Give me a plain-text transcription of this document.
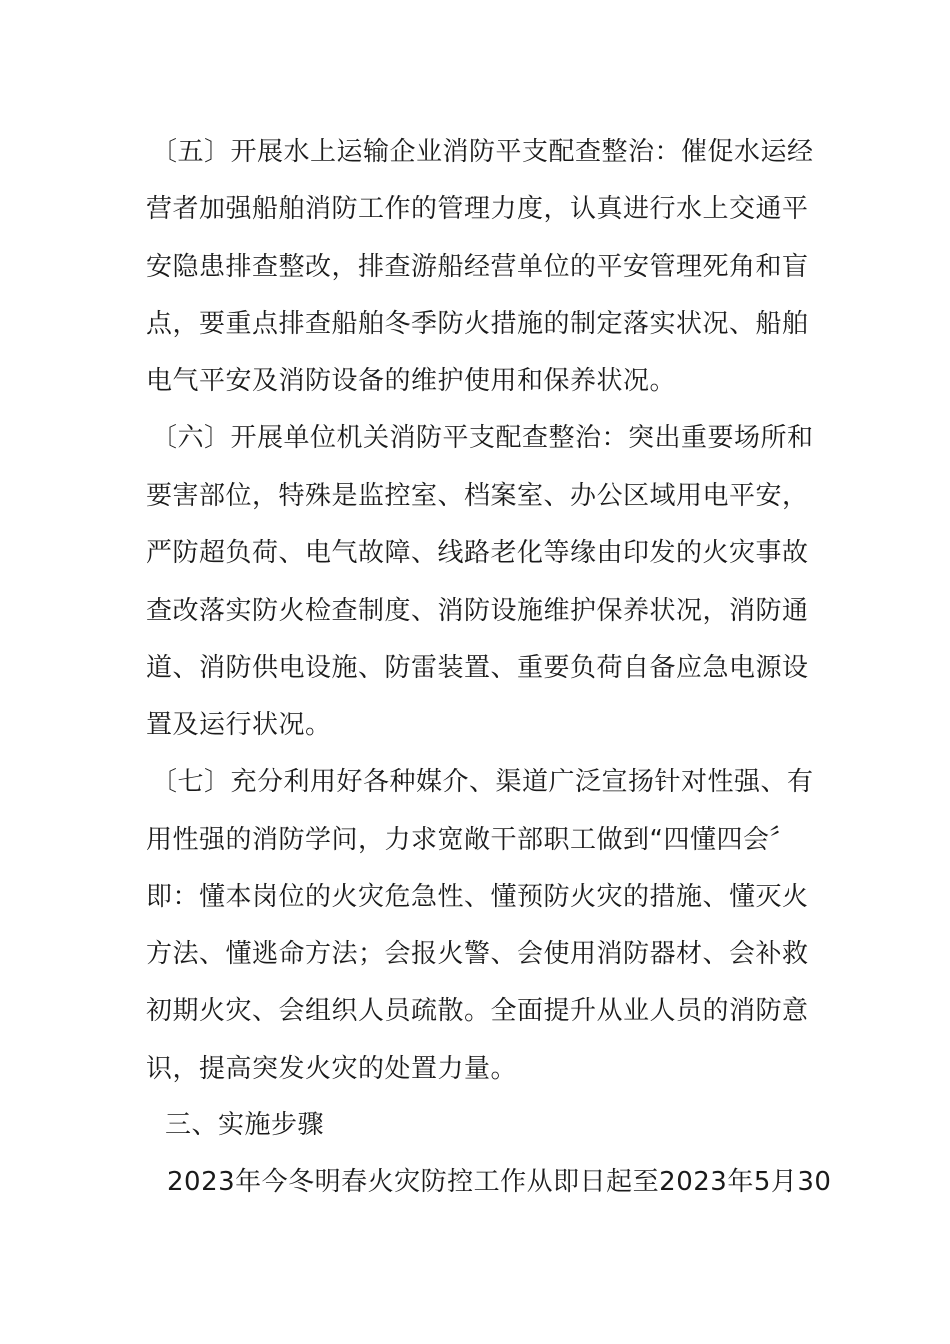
〔五〕开展水上运输企业消防平支配查整治：催促水运经
营者加强船舶消防工作的管理力度，认真进行水上交通平
安隐患排查整改，排查游船经营单位的平安管理死角和盲
点，要重点排查船舶冬季防火措施的制定落实状况、船舶
电气平安及消防设备的维护使用和保养状况。
〔六〕开展单位机关消防平支配查整治：突出重要场所和
要害部位，特殊是监控室、档案室、办公区域用电平安，
严防超负荷、电气故障、线路老化等缘由印发的火灾事故
查改落实防火检查制度、消防设施维护保养状况，消防通
道、消防供电设施、防雷装置、重要负荷自备应急电源设
置及运行状况。
〔七〕充分利用好各种媒介、渠道广泛宣扬针对性强、有
用性强的消防学问，力求宽敞干部职工做到“四懂四会〞
即：懂本岗位的火灾危急性、懂预防火灾的措施、懂灭火
方法、懂逃命方法；会报火警、会使用消防器材、会补救
初期火灾、会组织人员疏散。全面提升从业人员的消防意
识，提高突发火灾的处置力量。
三、实施步骤
2023年今冬明春火灾防控工作从即日起至2023年5月30
